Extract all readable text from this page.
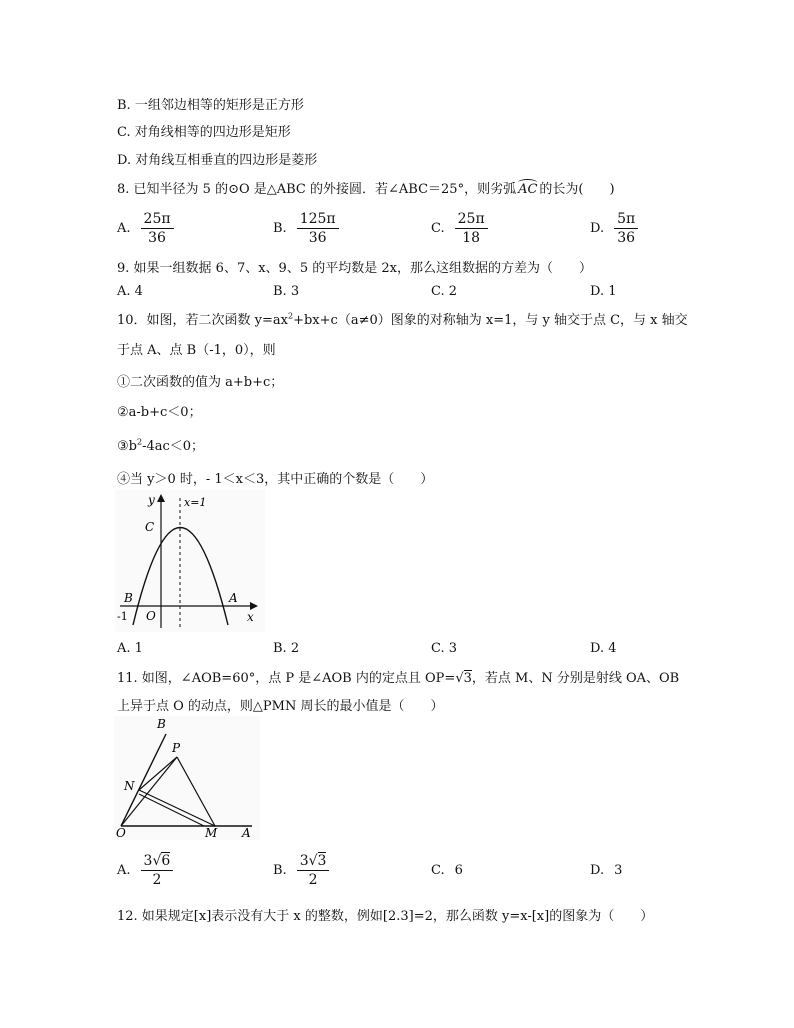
B. 一组邻边相等的矩形是正方形
C. 对角线相等的四边形是矩形
D. 对角线互相垂直的四边形是菱形
8. 已知半径为 5 的⊙O 是△ABC 的外接圆．若∠ABC＝25°，则劣弧 AC 的长为(　　)
A. $\frac{25\pi}{36}$	B. $\frac{125\pi}{36}$	C. $\frac{25\pi}{18}$	D. $\frac{5\pi}{36}$
9. 如果一组数据 6、7、x、9、5 的平均数是 2x，那么这组数据的方差为（　　）
A. 4	B. 3	C. 2	D. 1
10．如图，若二次函数 $y=ax^2+bx+c(a\ne 0)$图象的对称轴为 x=1，与 y 轴交于点 C，与 x 轴交
于点 A、点 B（-1，0），则
①二次函数的值为 a+b+c；
②a-b+c＜0；
$③b^2-4ac<0$；
④当 y＞0 时，- 1＜x＜3，其中正确的个数是（　　）
y	x=1
C
B	A
O
-1	x
A. 1	B. 2	C. 3	D. 4
11. 如图，∠AOB=60°，点 P 是∠AOB 内的定点且 OP=√3，若点 M、N 分别是射线 OA、OB
上异于点 O 的动点，则△PMN 周长的最小值是（　　）
B
P
N
O	M A
A. $\frac{3√6}{2}$	B. $\frac{3√3}{2}$	C. 6	D. 3
12. 如果规定[x]表示没有大于 x 的整数，例如[2.3]=2，那么函数 y=x-[x]的图象为（　　）
